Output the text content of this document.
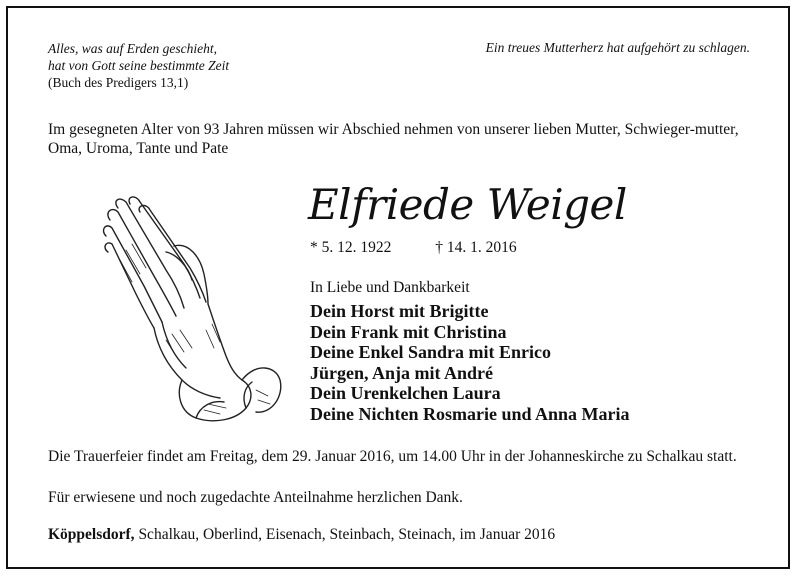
Alles, was auf Erden geschieht,
hat von Gott seine bestimmte Zeit
(Buch des Predigers 13,1)
Ein treues Mutterherz hat aufgehört zu schlagen.
Im gesegneten Alter von 93 Jahren müssen wir Abschied nehmen von unserer lieben Mutter, Schwieger-mutter, Oma, Uroma, Tante und Pate
Elfriede Weigel
* 5. 12. 1922	† 14. 1. 2016
In Liebe und Dankbarkeit
Dein Horst mit Brigitte
Dein Frank mit Christina
Deine Enkel Sandra mit Enrico
Jürgen, Anja mit André
Dein Urenkelchen Laura
Deine Nichten Rosmarie und Anna Maria
Die Trauerfeier findet am Freitag, dem 29. Januar 2016, um 14.00 Uhr in der Johanneskirche zu Schalkau statt.
Für erwiesene und noch zugedachte Anteilnahme herzlichen Dank.
Köppelsdorf, Schalkau, Oberlind, Eisenach, Steinbach, Steinach, im Januar 2016
